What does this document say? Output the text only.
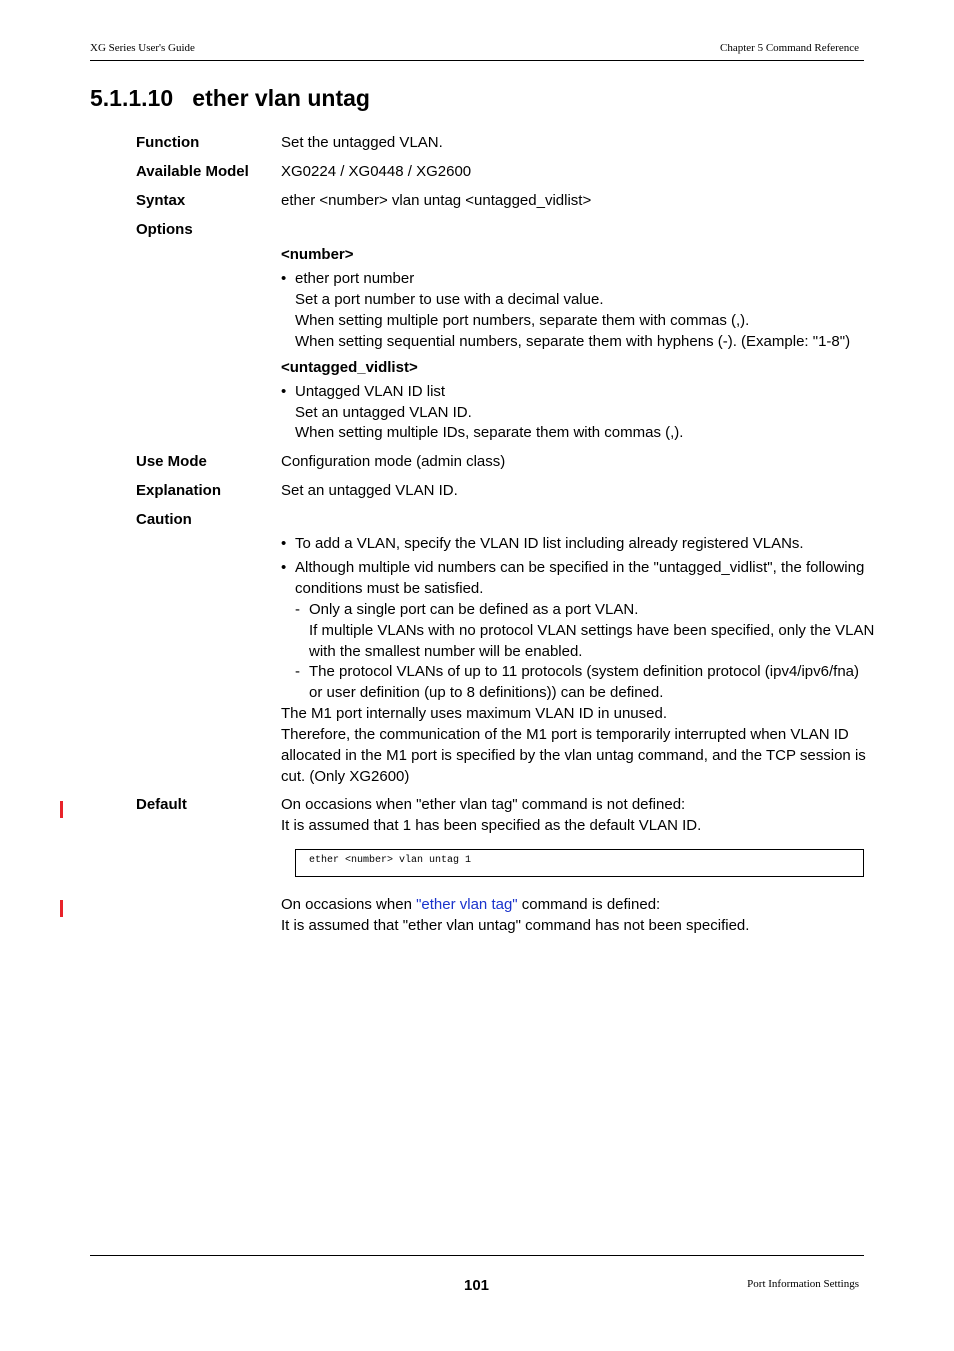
XG Series User's Guide	Chapter 5 Command Reference
5.1.1.10   ether vlan untag
Function	Set the untagged VLAN.
Available Model XG0224 / XG0448 / XG2600
Syntax	ether <number> vlan untag <untagged_vidlist>
Options
<number>
• ether port number
Set a port number to use with a decimal value.
When setting multiple port numbers, separate them with commas (,).
When setting sequential numbers, separate them with hyphens (-). (Example: "1-8")
<untagged_vidlist>
• Untagged VLAN ID list
Set an untagged VLAN ID.
When setting multiple IDs, separate them with commas (,).
Use Mode	Configuration mode (admin class)
Explanation	Set an untagged VLAN ID.
Caution
• To add a VLAN, specify the VLAN ID list including already registered VLANs.
• Although multiple vid numbers can be specified in the "untagged_vidlist", the following
conditions must be satisfied.
- Only a single port can be defined as a port VLAN.
If multiple VLANs with no protocol VLAN settings have been specified, only the VLAN
with the smallest number will be enabled.
- The protocol VLANs of up to 11 protocols (system definition protocol (ipv4/ipv6/fna)
or user definition (up to 8 definitions)) can be defined.
The M1 port internally uses maximum VLAN ID in unused.
Therefore, the communication of the M1 port is temporarily interrupted when VLAN ID
allocated in the M1 port is specified by the vlan untag command, and the TCP session is
cut. (Only XG2600)
Default	On occasions when "ether vlan tag" command is not defined:
It is assumed that 1 has been specified as the default VLAN ID.
ether <number> vlan untag 1
On occasions when "ether vlan tag" command is defined:
It is assumed that "ether vlan untag" command has not been specified.
101	Port Information Settings
